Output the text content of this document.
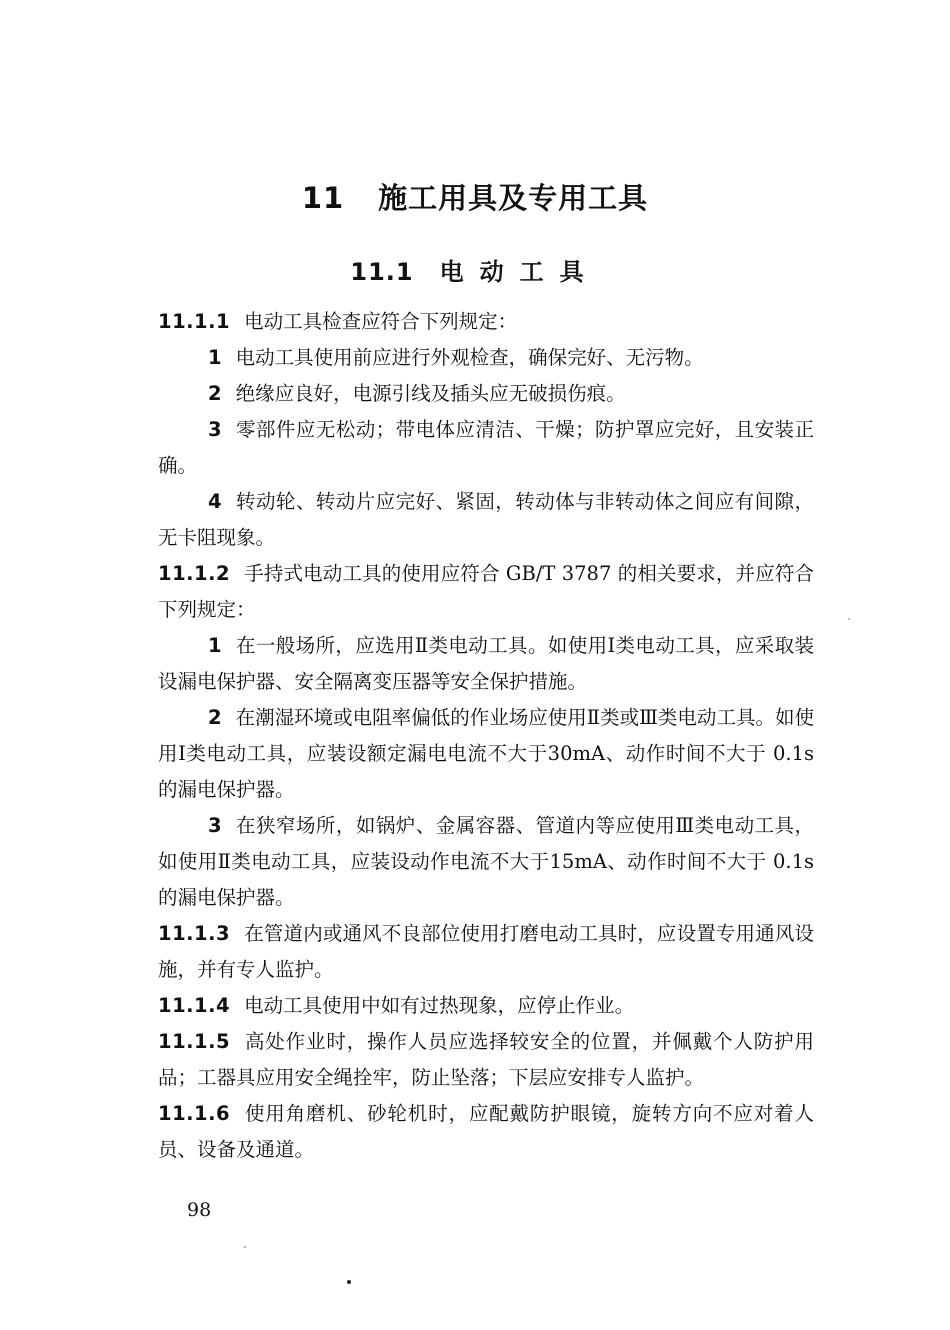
11 施工用具及专用工具
11.1 电动工具

11.1.1 电动工具检查应符合下列规定：

1 电动工具使用前应进行外观检查，确保完好、无污物。

2 绝缘应良好，电源引线及插头应无破损伤痕。

3 零部件应无松动；带电体应清洁、干燥；防护罩应完好，且安装正确。

4 转动轮、转动片应完好、紧固，转动体与非转动体之间应有间隙，无卡阻现象。

11.1.2 手持式电动工具的使用应符合 GB/T 3787 的相关要求，并应符合下列规定：

1 在一般场所，应选用Ⅱ类电动工具。如使用Ⅰ类电动工具，应采取装设漏电保护器、安全隔离变压器等安全保护措施。

2 在潮湿环境或电阻率偏低的作业场应使用Ⅱ类或Ⅲ类电动工具。如使用Ⅰ类电动工具，应装设额定漏电电流不大于30mA、动作时间不大于 0.1s 的漏电保护器。

3 在狭窄场所，如锅炉、金属容器、管道内等应使用Ⅲ类电动工具，如使用Ⅱ类电动工具，应装设动作电流不大于15mA、动作时间不大于 0.1s 的漏电保护器。

11.1.3 在管道内或通风不良部位使用打磨电动工具时，应设置专用通风设施，并有专人监护。

11.1.4 电动工具使用中如有过热现象，应停止作业。

11.1.5 高处作业时，操作人员应选择较安全的位置，并佩戴个人防护用品；工器具应用安全绳拴牢，防止坠落；下层应安排专人监护。

11.1.6 使用角磨机、砂轮机时，应配戴防护眼镜，旋转方向不应对着人员、设备及通道。

98
